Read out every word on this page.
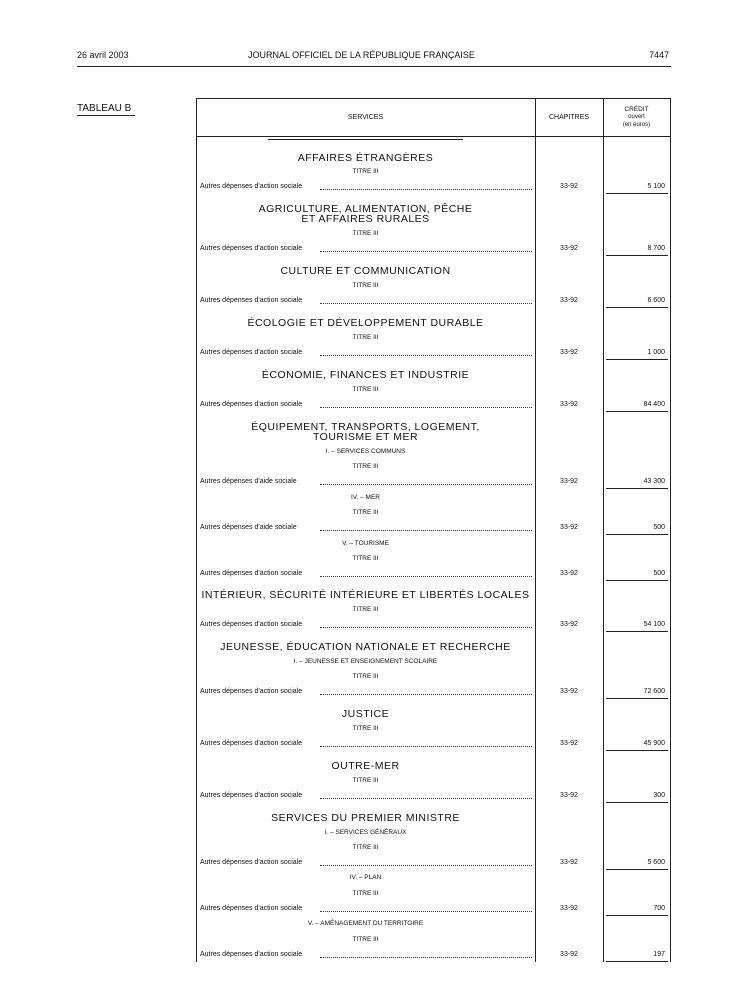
26 avril 2003	JOURNAL OFFICIEL DE LA RÉPUBLIQUE FRANÇAISE	7447
TABLEAU B
SERVICES	CHAPITRES
CRÉDIT
ouvert
(en euros)
AFFAIRES ÉTRANGÈRES
TITRE III
Autres dépenses d'action sociale	33-92	5 100
AGRICULTURE, ALIMENTATION, PÊCHE
ET AFFAIRES RURALES
TITRE III
Autres dépenses d'action sociale	33-92	8 700
CULTURE ET COMMUNICATION
TITRE III
Autres dépenses d'action sociale	33-92	6 600
ÉCOLOGIE ET DÉVELOPPEMENT DURABLE
TITRE III
Autres dépenses d'action sociale	33-92	1 000
ÉCONOMIE, FINANCES ET INDUSTRIE
TITRE III
Autres dépenses d'action sociale	33-92	84 400
ÉQUIPEMENT, TRANSPORTS, LOGEMENT,
TOURISME ET MER
I. – SERVICES COMMUNS
TITRE III
Autres dépenses d'aide sociale	33-92	43 300
IV. – MER
TITRE III
Autres dépenses d'aide sociale	33-92	500
V. – TOURISME
TITRE III
Autres dépenses d'action sociale	33-92	500
INTÉRIEUR, SÉCURITÉ INTÉRIEURE ET LIBERTÉS LOCALES
TITRE III
Autres dépenses d'action sociale	33-92	54 100
JEUNESSE, ÉDUCATION NATIONALE ET RECHERCHE
I. – JEUNESSE ET ENSEIGNEMENT SCOLAIRE
TITRE III
Autres dépenses d'action sociale	33-92	72 600
JUSTICE
TITRE III
Autres dépenses d'action sociale	33-92	45 900
OUTRE-MER
TITRE III
Autres dépenses d'action sociale	33-92	300
SERVICES DU PREMIER MINISTRE
I. – SERVICES GÉNÉRAUX
TITRE III
Autres dépenses d'action sociale	33-92	5 600
IV. – PLAN
TITRE III
Autres dépenses d'action sociale	33-92	700
V. – AMÉNAGEMENT DU TERRITOIRE
TITRE III
Autres dépenses d'action sociale	33-92	197
